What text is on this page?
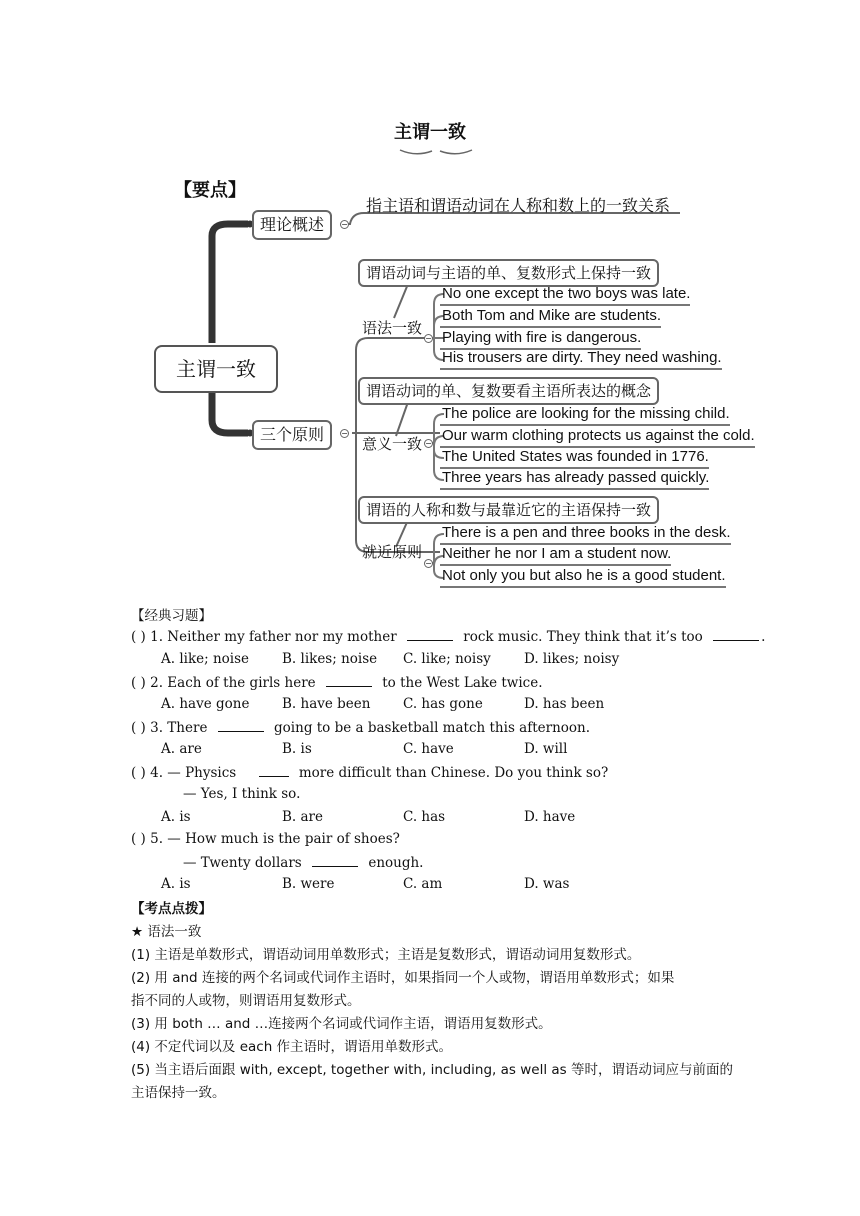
主谓一致
【要点】
主谓一致
理论概述	−
指主语和谓语动词在人称和数上的一致关系
三个原则	−
谓语动词与主语的单、复数形式上保持一致
语法一致
−
No one except the two boys was late.
Both Tom and Mike are students.
Playing with fire is dangerous.
His trousers are dirty. They need washing.
谓语动词的单、复数要看主语所表达的概念
意义一致 −
The police are looking for the missing child.
Our warm clothing protects us against the cold.
The United States was founded in 1776.
Three years has already passed quickly.
谓语的人称和数与最靠近它的主语保持一致
就近原则
−
There is a pen and three books in the desk.
Neither he nor I am a student now.
Not only you but also he is a good student.
【经典习题】
( ) 1. Neither my father nor my mother	rock music. They think that it’s too	.
A. like; noise B. likes; noise C. like; noisy D. likes; noisy
( ) 2. Each of the girls here	to the West Lake twice.
A. have gone B. have been C. has gone	D. has been
( ) 3. There	going to be a basketball match this afternoon.
A. are	B. is	C. have	D. will
( ) 4. — Physics	more difficult than Chinese. Do you think so?
— Yes, I think so.
A. is	B. are	C. has	D. have
( ) 5. — How much is the pair of shoes?
— Twenty dollars	enough.
A. is	B. were	C. am	D. was
【考点点拨】
★ 语法一致
(1) 主语是单数形式，谓语动词用单数形式；主语是复数形式，谓语动词用复数形式。
(2) 用 and 连接的两个名词或代词作主语时，如果指同一个人或物，谓语用单数形式；如果
指不同的人或物，则谓语用复数形式。
(3) 用 both … and …连接两个名词或代词作主语，谓语用复数形式。
(4) 不定代词以及 each 作主语时，谓语用单数形式。
(5) 当主语后面跟 with, except, together with, including, as well as 等时，谓语动词应与前面的
主语保持一致。
